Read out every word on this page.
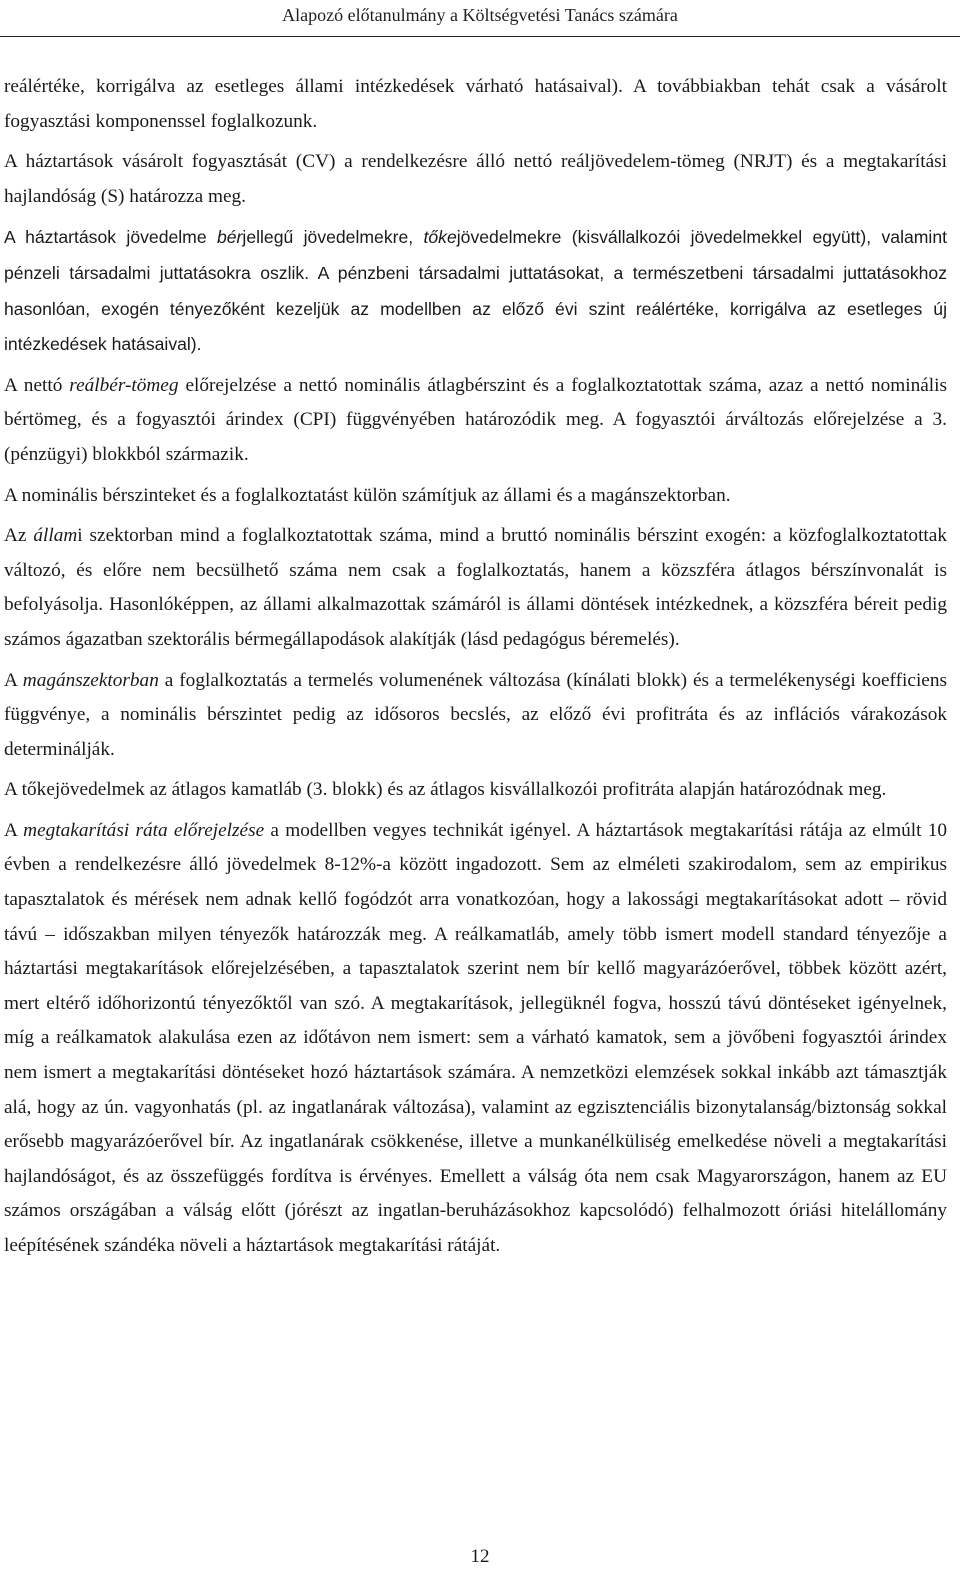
Alapozó előtanulmány a Költségvetési Tanács számára

reálértéke, korrigálva az esetleges állami intézkedések várható hatásaival). A továbbiakban tehát csak a vásárolt fogyasztási komponenssel foglalkozunk.

A háztartások vásárolt fogyasztását (CV) a rendelkezésre álló nettó reáljövedelem-tömeg (NRJT) és a megtakarítási hajlandóság (S) határozza meg.

A háztartások jövedelme bérjellegű jövedelmekre, tőkejövedelmekre (kisvállalkozói jövedelmekkel együtt), valamint pénzeli társadalmi juttatásokra oszlik. A pénzbeni társadalmi juttatásokat, a természetbeni társadalmi juttatásokhoz hasonlóan, exogén tényezőként kezeljük az modellben az előző évi szint reálértéke, korrigálva az esetleges új intézkedések hatásaival).

A nettó reálbér-tömeg előrejelzése a nettó nominális átlagbérszint és a foglalkoztatottak száma, azaz a nettó nominális bértömeg, és a fogyasztói árindex (CPI) függvényében határozódik meg. A fogyasztói árváltozás előrejelzése a 3. (pénzügyi) blokkból származik.

A nominális bérszinteket és a foglalkoztatást külön számítjuk az állami és a magánszektorban.

Az állami szektorban mind a foglalkoztatottak száma, mind a bruttó nominális bérszint exogén: a közfoglalkoztatottak változó, és előre nem becsülhető száma nem csak a foglalkoztatás, hanem a közszféra átlagos bérszínvonalát is befolyásolja. Hasonlóképpen, az állami alkalmazottak számáról is állami döntések intézkednek, a közszféra béreit pedig számos ágazatban szektorális bérmegállapodások alakítják (lásd pedagógus béremelés).

A magánszektorban a foglalkoztatás a termelés volumenének változása (kínálati blokk) és a termelékenységi koefficiens függvénye, a nominális bérszintet pedig az idősoros becslés, az előző évi profitráta és az inflációs várakozások determinálják.

A tőkejövedelmek az átlagos kamatláb (3. blokk) és az átlagos kisvállalkozói profitráta alapján határozódnak meg.

A megtakarítási ráta előrejelzése a modellben vegyes technikát igényel. A háztartások megtakarítási rátája az elmúlt 10 évben a rendelkezésre álló jövedelmek 8-12%-a között ingadozott. Sem az elméleti szakirodalom, sem az empirikus tapasztalatok és mérések nem adnak kellő fogódzót arra vonatkozóan, hogy a lakossági megtakarításokat adott – rövid távú – időszakban milyen tényezők határozzák meg. A reálkamatláb, amely több ismert modell standard tényezője a háztartási megtakarítások előrejelzésében, a tapasztalatok szerint nem bír kellő magyarázóerővel, többek között azért, mert eltérő időhorizontú tényezőktől van szó. A megtakarítások, jellegüknél fogva, hosszú távú döntéseket igényelnek, míg a reálkamatok alakulása ezen az időtávon nem ismert: sem a várható kamatok, sem a jövőbeni fogyasztói árindex nem ismert a megtakarítási döntéseket hozó háztartások számára. A nemzetközi elemzések sokkal inkább azt támasztják alá, hogy az ún. vagyonhatás (pl. az ingatlanárak változása), valamint az egzisztenciális bizonytalanság/biztonság sokkal erősebb magyarázóerővel bír. Az ingatlanárak csökkenése, illetve a munkanélküliség emelkedése növeli a megtakarítási hajlandóságot, és az összefüggés fordítva is érvényes. Emellett a válság óta nem csak Magyarországon, hanem az EU számos országában a válság előtt (jórészt az ingatlan-beruházásokhoz kapcsolódó) felhalmozott óriási hitelállomány leépítésének szándéka növeli a háztartások megtakarítási rátáját.

12
